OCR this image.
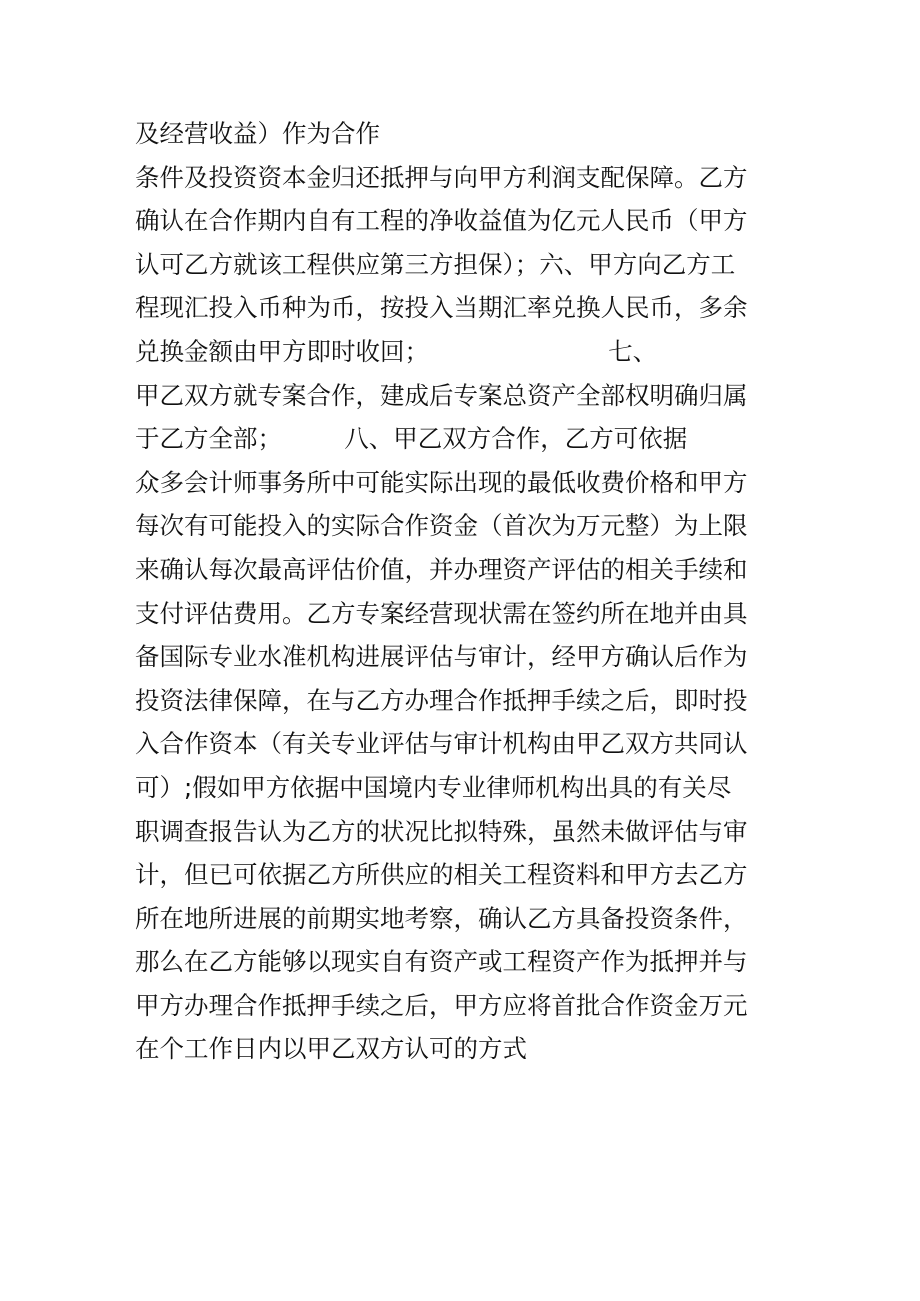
及经营收益）作为合作
条件及投资资本金归还抵押与向甲方利润支配保障。乙方
确认在合作期内自有工程的净收益值为亿元人民币（甲方
认可乙方就该工程供应第三方担保）；六、甲方向乙方工
程现汇投入币种为币，按投入当期汇率兑换人民币，多余
兑换金额由甲方即时收回；                       七、
甲乙双方就专案合作，建成后专案总资产全部权明确归属
于乙方全部；        八、甲乙双方合作，乙方可依据
众多会计师事务所中可能实际出现的最低收费价格和甲方
每次有可能投入的实际合作资金（首次为万元整）为上限
来确认每次最高评估价值，并办理资产评估的相关手续和
支付评估费用。乙方专案经营现状需在签约所在地并由具
备国际专业水准机构进展评估与审计，经甲方确认后作为
投资法律保障，在与乙方办理合作抵押手续之后，即时投
入合作资本（有关专业评估与审计机构由甲乙双方共同认
可）;假如甲方依据中国境内专业律师机构出具的有关尽
职调查报告认为乙方的状况比拟特殊，虽然未做评估与审
计，但已可依据乙方所供应的相关工程资料和甲方去乙方
所在地所进展的前期实地考察，确认乙方具备投资条件，
那么在乙方能够以现实自有资产或工程资产作为抵押并与
甲方办理合作抵押手续之后，甲方应将首批合作资金万元
在个工作日内以甲乙双方认可的方式
